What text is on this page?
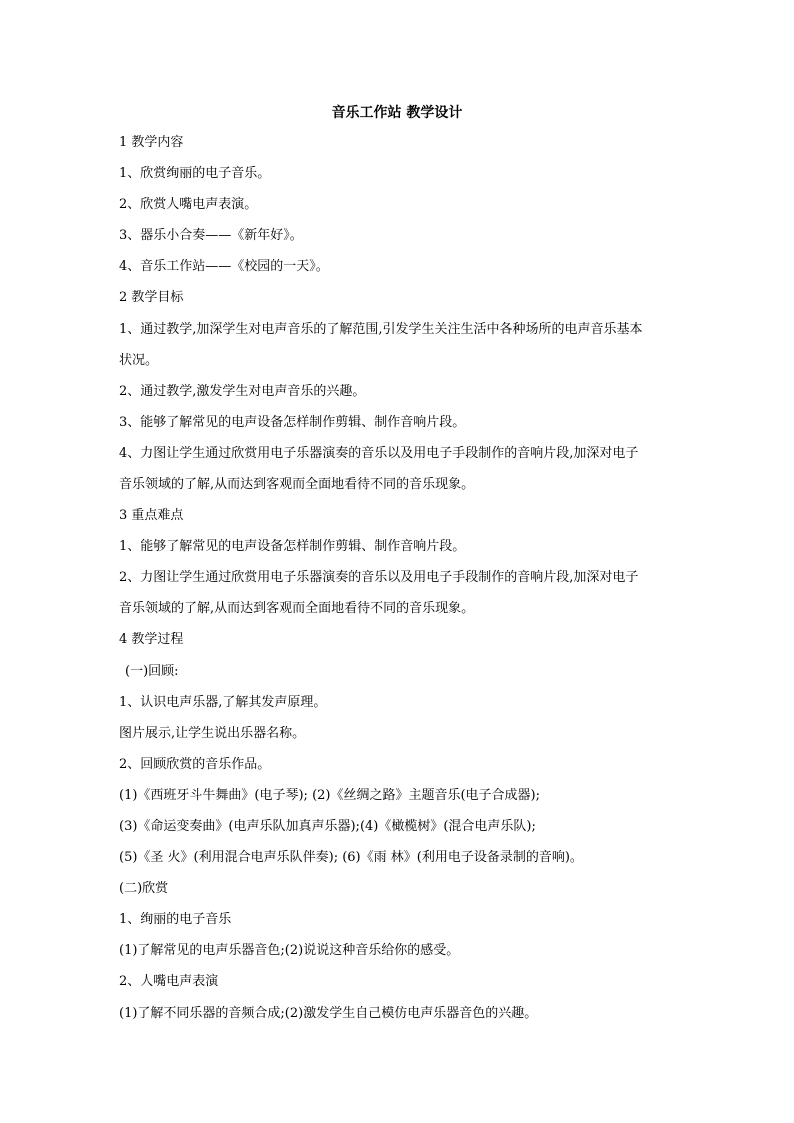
音乐工作站 教学设计
1 教学内容
1、欣赏绚丽的电子音乐。
2、欣赏人嘴电声表演。
3、器乐小合奏——《新年好》。
4、音乐工作站——《校园的一天》。
2 教学目标
1、通过教学,加深学生对电声音乐的了解范围,引发学生关注生活中各种场所的电声音乐基本
状况。
2、通过教学,激发学生对电声音乐的兴趣。
3、能够了解常见的电声设备怎样制作剪辑、制作音响片段。
4、力图让学生通过欣赏用电子乐器演奏的音乐以及用电子手段制作的音响片段,加深对电子
音乐领域的了解,从而达到客观而全面地看待不同的音乐现象。
3 重点难点
1、能够了解常见的电声设备怎样制作剪辑、制作音响片段。
2、力图让学生通过欣赏用电子乐器演奏的音乐以及用电子手段制作的音响片段,加深对电子
音乐领域的了解,从而达到客观而全面地看待不同的音乐现象。
4 教学过程
(一)回顾:
1、认识电声乐器,了解其发声原理。
图片展示,让学生说出乐器名称。
2、回顾欣赏的音乐作品。
(1)《西班牙斗牛舞曲》(电子琴); (2)《丝绸之路》主题音乐(电子合成器);
(3)《命运变奏曲》(电声乐队加真声乐器);(4)《橄榄树》(混合电声乐队);
(5)《圣 火》(利用混合电声乐队伴奏); (6)《雨 林》(利用电子设备录制的音响)。
(二)欣赏
1、绚丽的电子音乐
(1)了解常见的电声乐器音色;(2)说说这种音乐给你的感受。
2、人嘴电声表演
(1)了解不同乐器的音频合成;(2)激发学生自己模仿电声乐器音色的兴趣。
